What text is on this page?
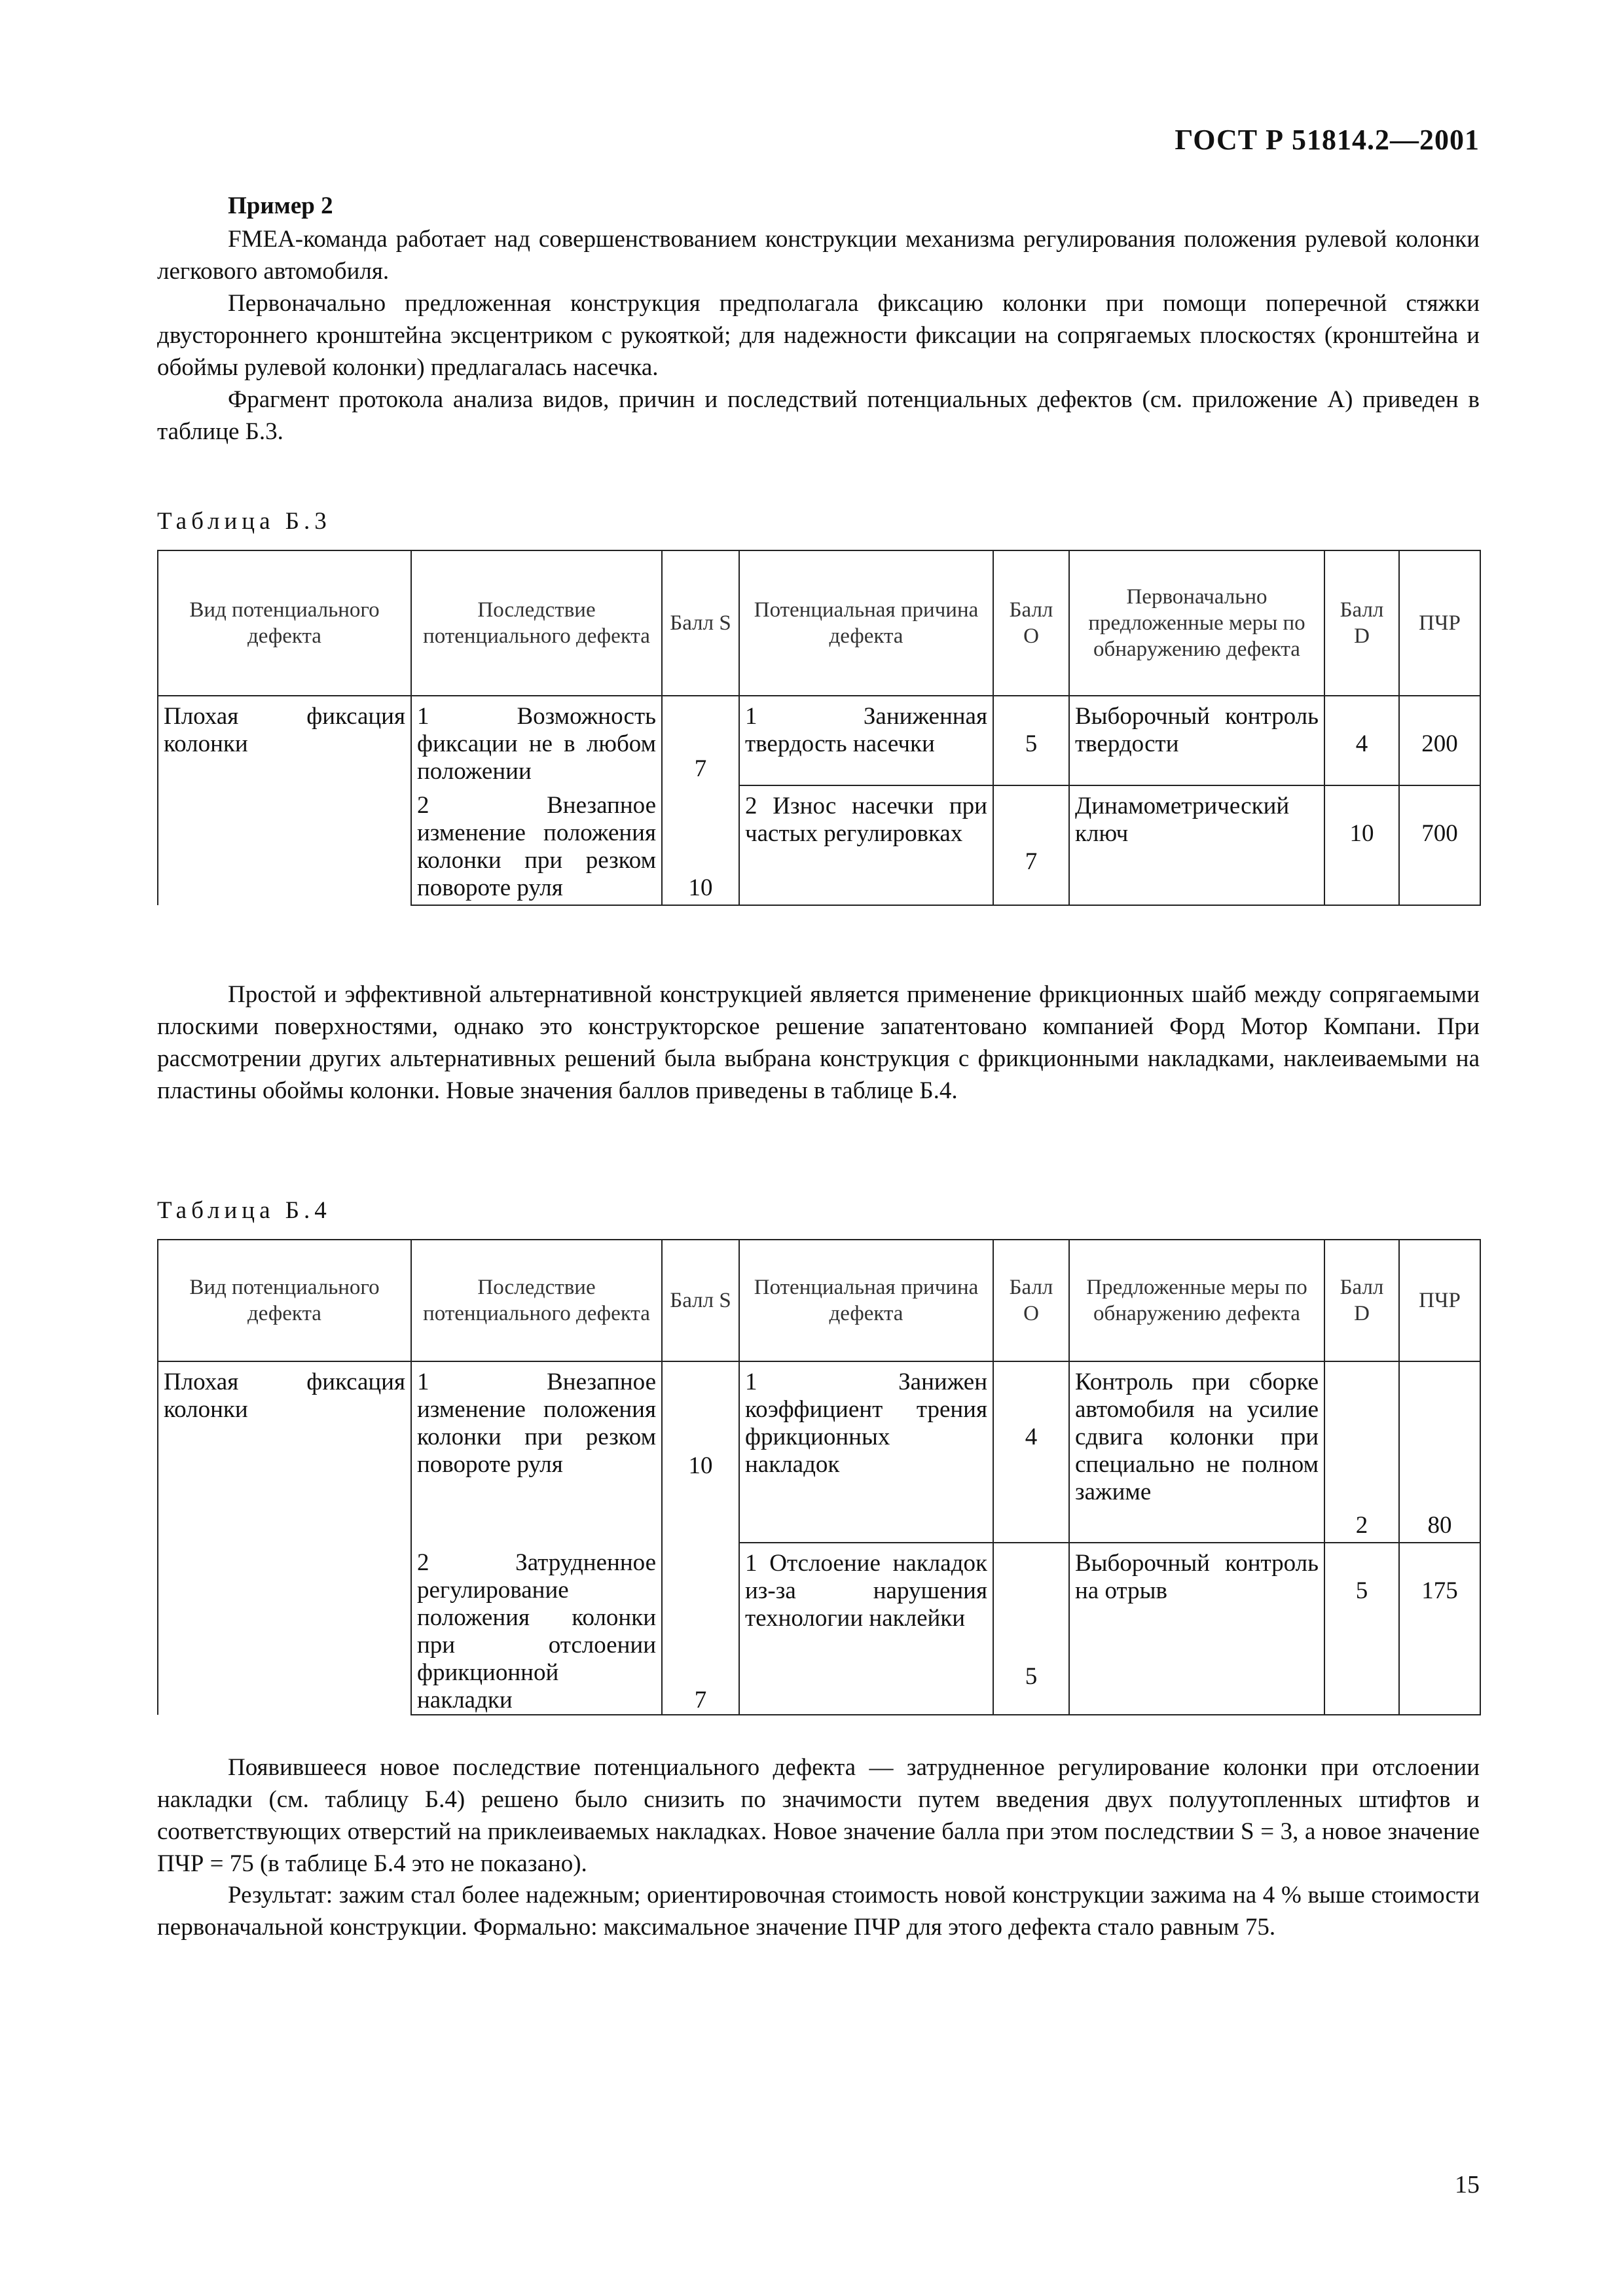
ГОСТ Р 51814.2—2001
Пример 2
FMEA-команда работает над совершенствованием конструкции механизма регулирования положения рулевой колонки легкового автомобиля.
Первоначально предложенная конструкция предполагала фиксацию колонки при помощи поперечной стяжки двустороннего кронштейна эксцентриком с рукояткой; для надежности фиксации на сопрягаемых плоскостях (кронштейна и обоймы рулевой колонки) предлагалась насечка.
Фрагмент протокола анализа видов, причин и последствий потенциальных дефектов (см. приложение А) приведен в таблице Б.3.
Таблица Б.3
Вид потенциального дефекта	Последствие потенциального дефекта	Балл S	Потенциальная причина дефекта	Балл O	Первоначально предложенные меры по обнаружению дефекта	Балл D	ПЧР
Плохая фиксация колонки	1 Возможность фиксации не в любом положении	7	1 Заниженная твердость насечки	5	Выборочный контроль твердости	4	200
	2 Внезапное изменение положения колонки при резком повороте руля	10	2 Износ насечки при частых регулировках	7	Динамометрический ключ	10	700
Простой и эффективной альтернативной конструкцией является применение фрикционных шайб между сопрягаемыми плоскими поверхностями, однако это конструкторское решение запатентовано компанией Форд Мотор Компани. При рассмотрении других альтернативных решений была выбрана конструкция с фрикционными накладками, наклеиваемыми на пластины обоймы колонки. Новые значения баллов приведены в таблице Б.4.
Таблица Б.4
Вид потенциального дефекта	Последствие потенциального дефекта	Балл S	Потенциальная причина дефекта	Балл O	Предложенные меры по обнаружению дефекта	Балл D	ПЧР
Плохая фиксация колонки	1 Внезапное изменение положения колонки при резком повороте руля	10	1 Занижен коэффициент трения фрикционных накладок	4	Контроль при сборке автомобиля на усилие сдвига колонки при специально не полном зажиме	2	80
	2 Затрудненное регулирование положения колонки при отслоении фрикционной накладки	7	1 Отслоение накладок из-за нарушения технологии наклейки	5	Выборочный контроль на отрыв	5	175
Появившееся новое последствие потенциального дефекта — затрудненное регулирование колонки при отслоении накладки (см. таблицу Б.4) решено было снизить по значимости путем введения двух полуутопленных штифтов и соответствующих отверстий на приклеиваемых накладках. Новое значение балла при этом последствии S = 3, а новое значение ПЧР = 75 (в таблице Б.4 это не показано).
Результат: зажим стал более надежным; ориентировочная стоимость новой конструкции зажима на 4 % выше стоимости первоначальной конструкции. Формально: максимальное значение ПЧР для этого дефекта стало равным 75.
15
